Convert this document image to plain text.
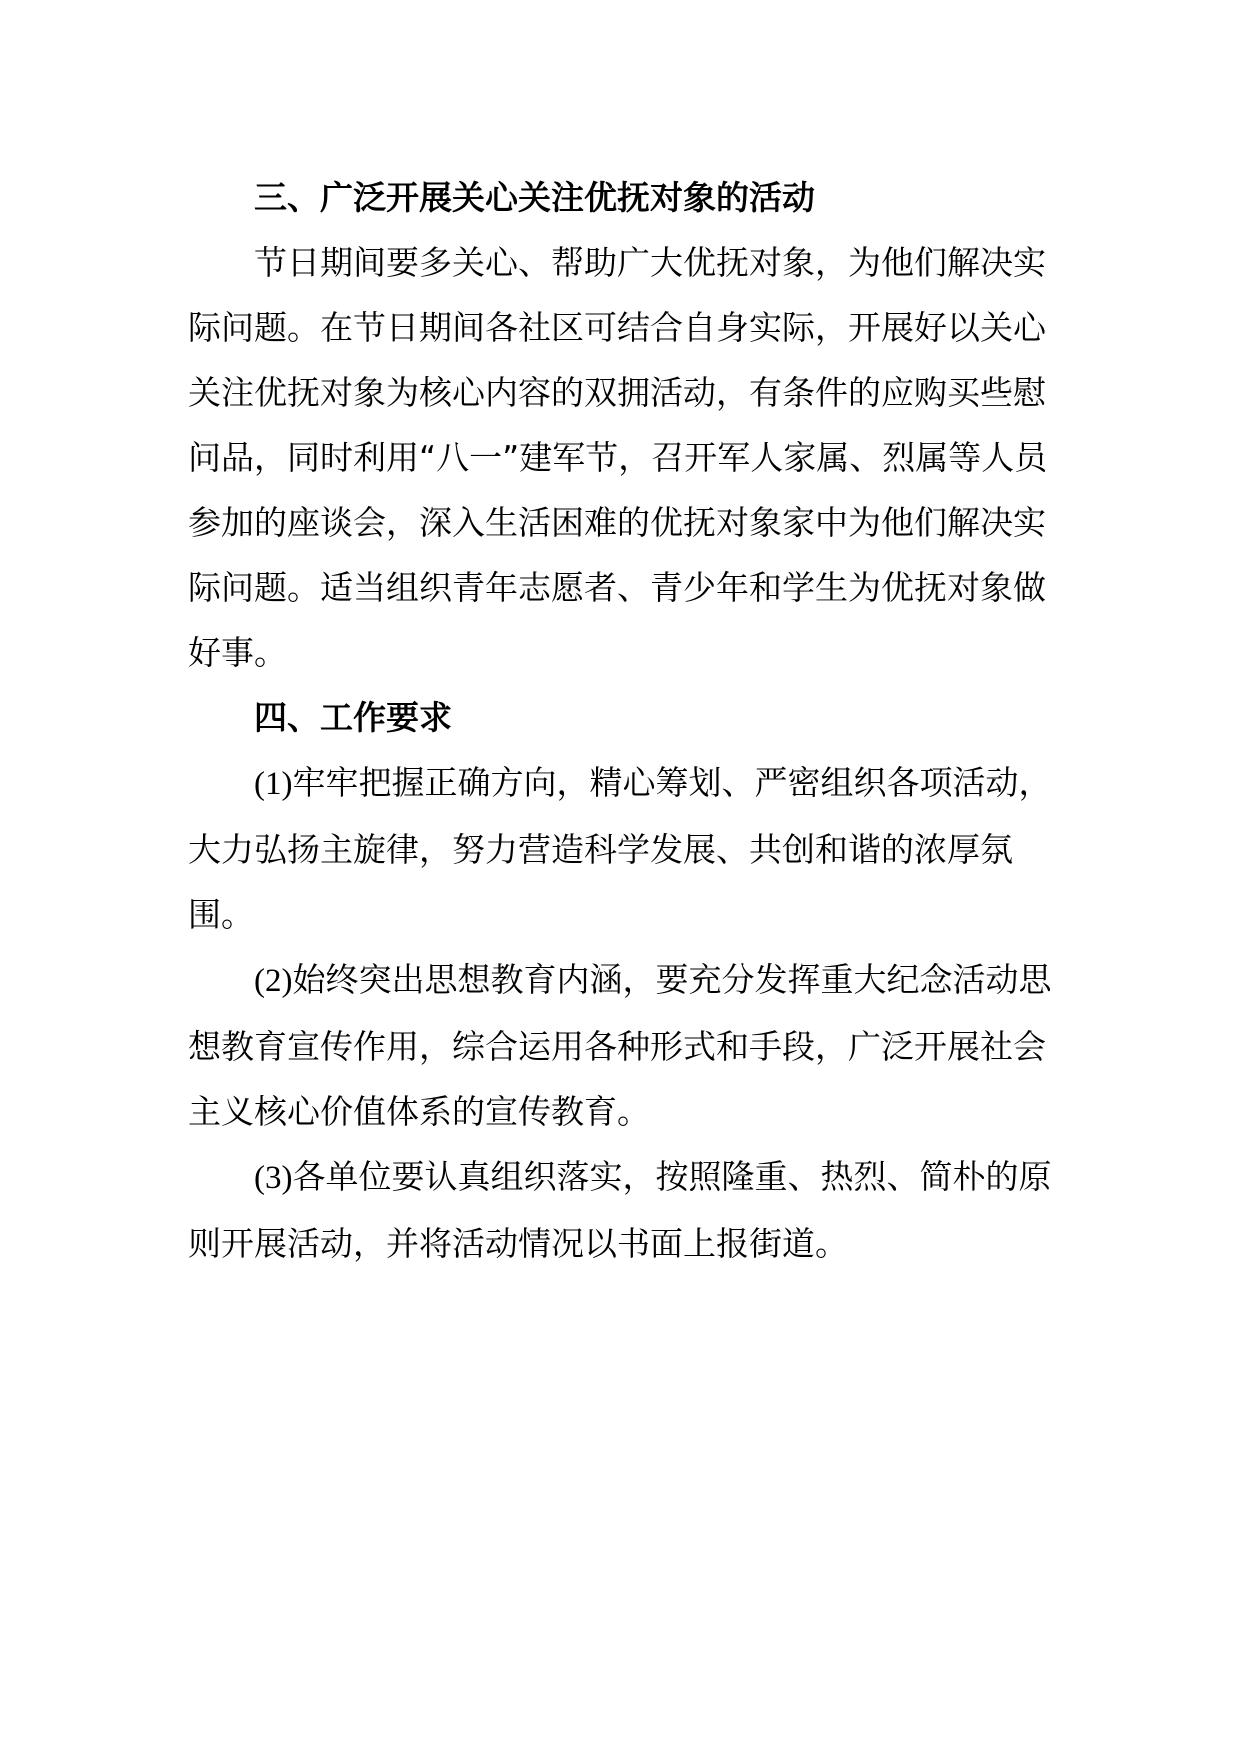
三、广泛开展关心关注优抚对象的活动

节日期间要多关心、帮助广大优抚对象，为他们解决实际问题。在节日期间各社区可结合自身实际，开展好以关心关注优抚对象为核心内容的双拥活动，有条件的应购买些慰问品，同时利用“八一”建军节，召开军人家属、烈属等人员参加的座谈会，深入生活困难的优抚对象家中为他们解决实际问题。适当组织青年志愿者、青少年和学生为优抚对象做好事。

四、工作要求

(1)牢牢把握正确方向，精心筹划、严密组织各项活动，大力弘扬主旋律，努力营造科学发展、共创和谐的浓厚氛围。

(2)始终突出思想教育内涵，要充分发挥重大纪念活动思想教育宣传作用，综合运用各种形式和手段，广泛开展社会主义核心价值体系的宣传教育。

(3)各单位要认真组织落实，按照隆重、热烈、简朴的原则开展活动，并将活动情况以书面上报街道。
